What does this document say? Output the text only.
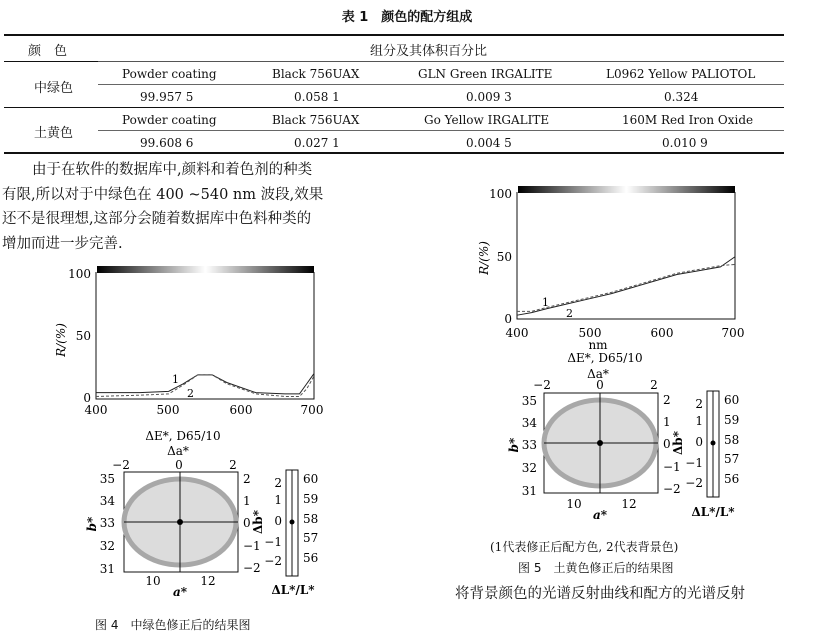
表 1　颜色的配方组成
颜　色	组分及其体积百分比
中绿色
Powder coating	Black 756UAX	GLN Green IRGALITE	L0962 Yellow PALIOTOL
99.957 5	0.058 1	0.009 3	0.324
土黄色
Powder coating	Black 756UAX	Go Yellow IRGALITE	160M Red Iron Oxide
99.608 6	0.027 1	0.004 5	0.010 9
由于在软件的数据库中,颜料和着色剂的种类
有限,所以对于中绿色在 400 ~540 nm 波段,效果
还不是很理想,这部分会随着数据库中色料种类的
增加而进一步完善.
100
50
0
R/(%)
400	500	600	700
1
2
ΔE*, D65/10
Δa*
−2	0	2
35
34
33
32
31
b*
10	12
a*
2
1
0
−1
−2
Δb*
2
1
0
−1
−2
60
59
58
57
56
ΔL*/L*
100
50
0
R/(%)
400	500	600	700
nm
1
2
ΔE*, D65/10
Δa*
−2	0	2
35
34
33
32
31
b*
10	12
a*
2
1
0
−1
−2
Δb*
2
1
0
−1
−2
60
59
58
57
56
ΔL*/L*
图 4　中绿色修正后的结果图
(1代表修正后配方色, 2代表背景色)
图 5　土黄色修正后的结果图
将背景颜色的光谱反射曲线和配方的光谱反射
